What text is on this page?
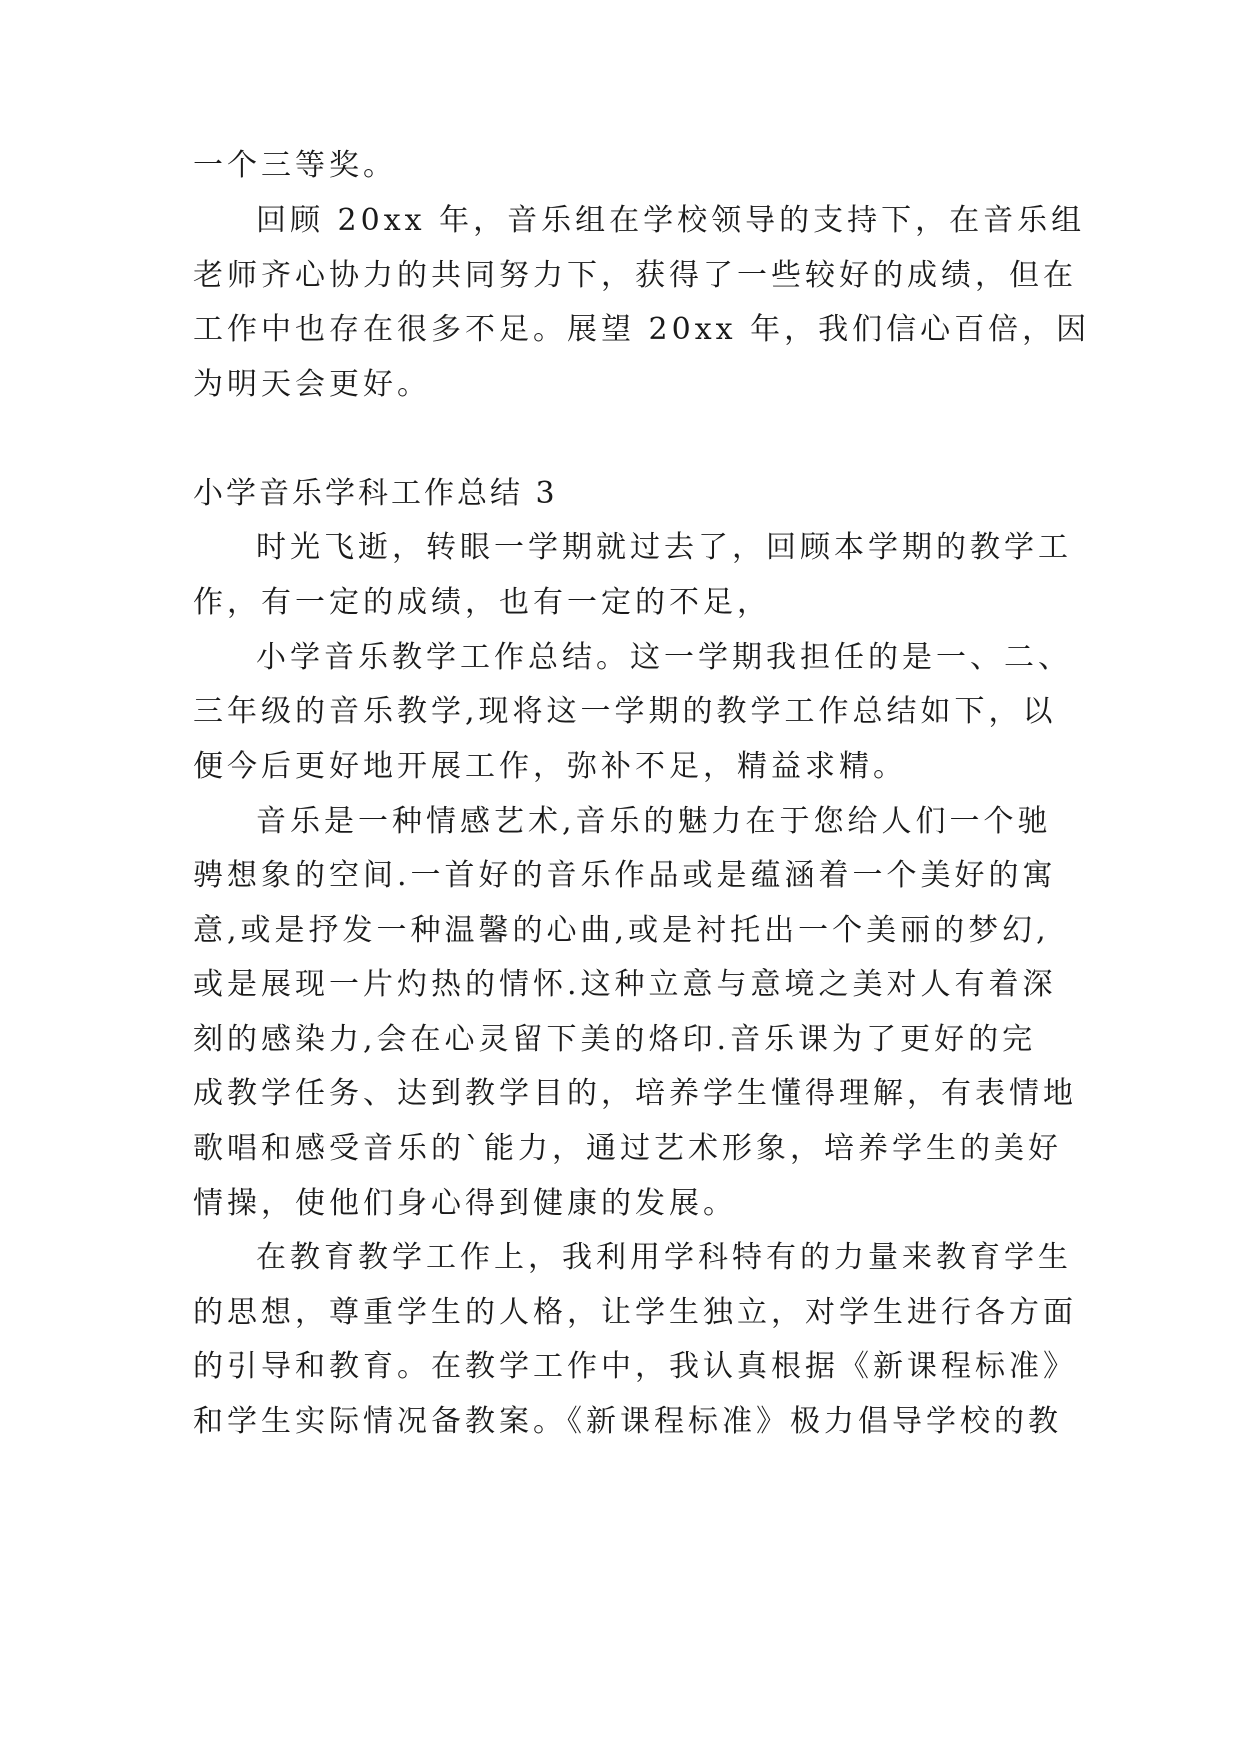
一个三等奖。
回顾 20xx 年，音乐组在学校领导的支持下，在音乐组
老师齐心协力的共同努力下，获得了一些较好的成绩，但在
工作中也存在很多不足。展望 20xx 年，我们信心百倍，因
为明天会更好。
小学音乐学科工作总结 3
时光飞逝，转眼一学期就过去了，回顾本学期的教学工
作，有一定的成绩，也有一定的不足，
小学音乐教学工作总结。这一学期我担任的是一、二、
三年级的音乐教学,现将这一学期的教学工作总结如下，以
便今后更好地开展工作，弥补不足，精益求精。
音乐是一种情感艺术,音乐的魅力在于您给人们一个驰
骋想象的空间.一首好的音乐作品或是蕴涵着一个美好的寓
意,或是抒发一种温馨的心曲,或是衬托出一个美丽的梦幻,
或是展现一片灼热的情怀.这种立意与意境之美对人有着深
刻的感染力,会在心灵留下美的烙印.音乐课为了更好的完
成教学任务、达到教学目的，培养学生懂得理解，有表情地
歌唱和感受音乐的`能力，通过艺术形象，培养学生的美好
情操，使他们身心得到健康的发展。
在教育教学工作上，我利用学科特有的力量来教育学生
的思想，尊重学生的人格，让学生独立，对学生进行各方面
的引导和教育。在教学工作中，我认真根据《新课程标准》
和学生实际情况备教案。《新课程标准》极力倡导学校的教
